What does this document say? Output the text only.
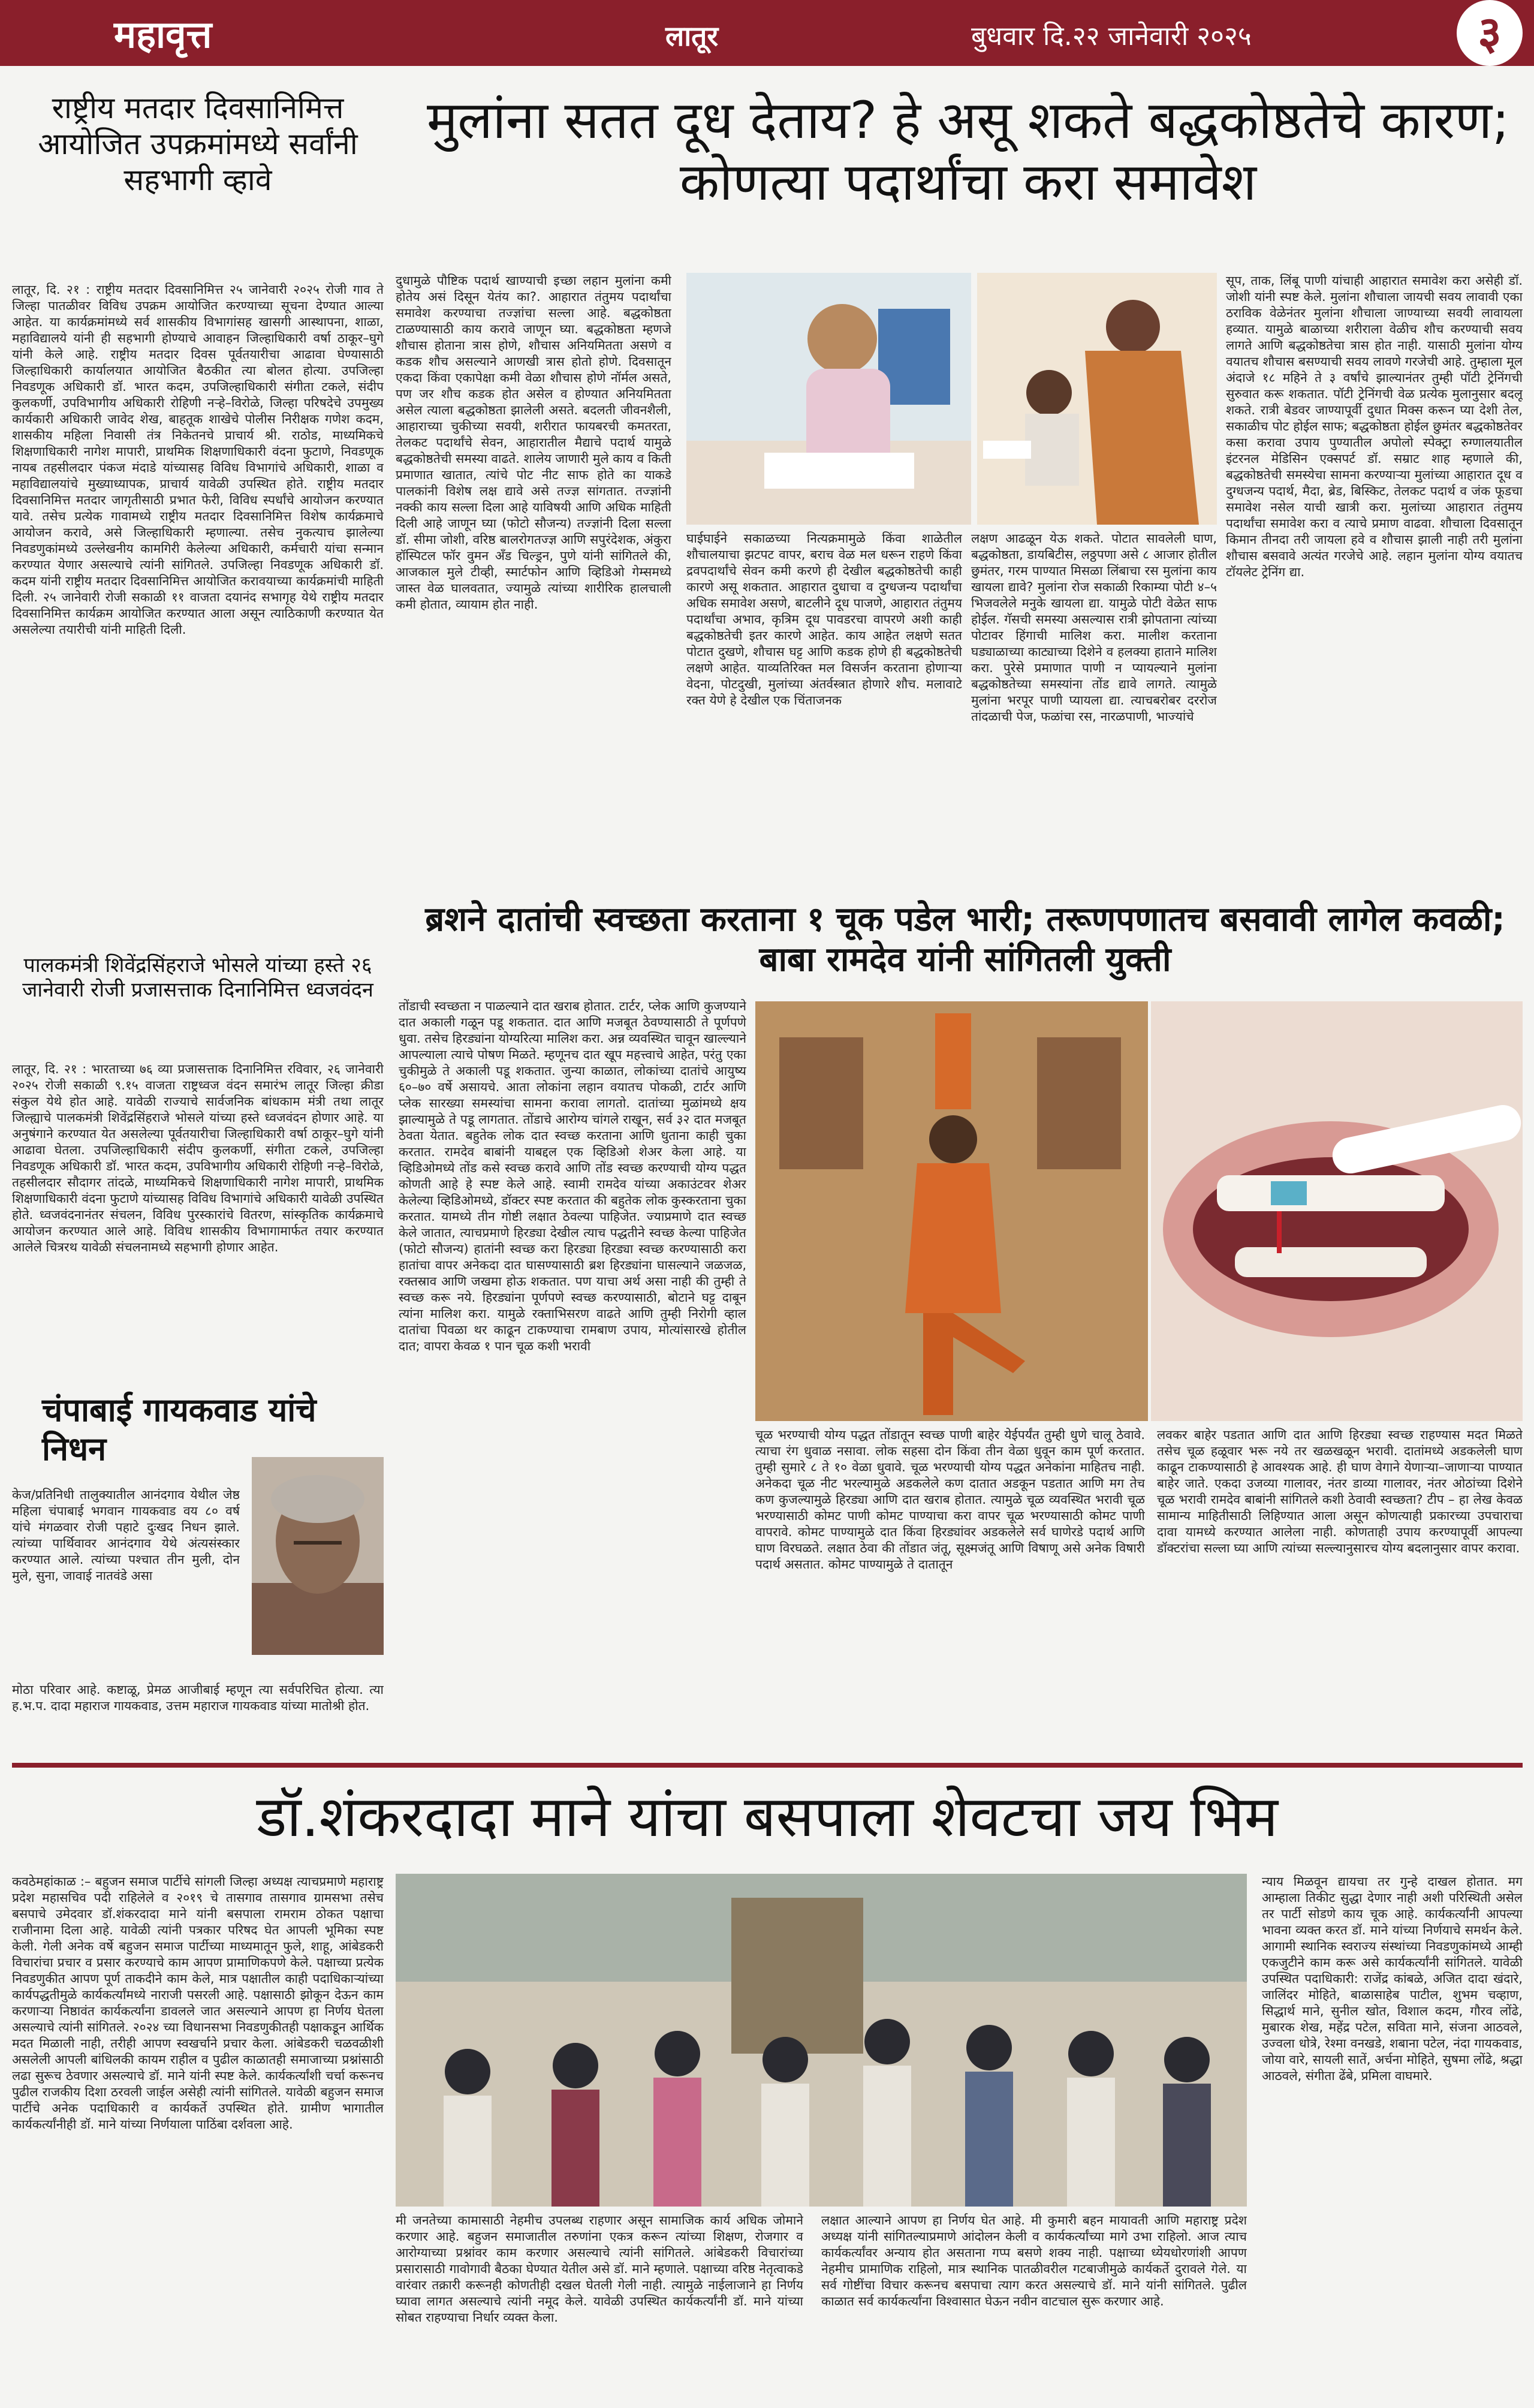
महावृत्त	लातूर	बुधवार दि.२२ जानेवारी २०२५	३
राष्ट्रीय मतदार दिवसानिमित्त आयोजित उपक्रमांमध्ये सर्वांनी सहभागी व्हावे
लातूर, दि. २१ : राष्ट्रीय मतदार दिवसानिमित्त २५ जानेवारी २०२५ रोजी गाव ते जिल्हा पातळीवर विविध उपक्रम आयोजित करण्याच्या सूचना देण्यात आल्या आहेत. या कार्यक्रमांमध्ये सर्व शासकीय विभागांसह खासगी आस्थापना, शाळा, महाविद्यालये यांनी ही सहभागी होण्याचे आवाहन जिल्हाधिकारी वर्षा ठाकूर–घुगे यांनी केले आहे. राष्ट्रीय मतदार दिवस पूर्वतयारीचा आढावा घेण्यासाठी जिल्हाधिकारी कार्यालयात आयोजित बैठकीत त्या बोलत होत्या. उपजिल्हा निवडणूक अधिकारी डॉ. भारत कदम, उपजिल्हाधिकारी संगीता टकले, संदीप कुलकर्णी, उपविभागीय अधिकारी रोहिणी नऱ्हे–विरोळे, जिल्हा परिषदेचे उपमुख्य कार्यकारी अधिकारी जावेद शेख, बाहतूक शाखेचे पोलीस निरीक्षक गणेश कदम, शासकीय महिला निवासी तंत्र निकेतनचे प्राचार्य श्री. राठोड, माध्यमिकचे शिक्षणाधिकारी नागेश मापारी, प्राथमिक शिक्षणाधिकारी वंदना फुटाणे, निवडणूक नायब तहसीलदार पंकज मंदाडे यांच्यासह विविध विभागांचे अधिकारी, शाळा व महाविद्यालयांचे मुख्याध्यापक, प्राचार्य यावेळी उपस्थित होते. राष्ट्रीय मतदार दिवसानिमित्त मतदार जागृतीसाठी प्रभात फेरी, विविध स्पर्धांचे आयोजन करण्यात यावे. तसेच प्रत्येक गावामध्ये राष्ट्रीय मतदार दिवसानिमित्त विशेष कार्यक्रमाचे आयोजन करावे, असे जिल्हाधिकारी म्हणाल्या. तसेच नुकत्याच झालेल्या निवडणुकांमध्ये उल्लेखनीय कामगिरी केलेल्या अधिकारी, कर्मचारी यांचा सन्मान करण्यात येणार असल्याचे त्यांनी सांगितले. उपजिल्हा निवडणूक अधिकारी डॉ. कदम यांनी राष्ट्रीय मतदार दिवसानिमित्त आयोजित करावयाच्या कार्यक्रमांची माहिती दिली. २५ जानेवारी रोजी सकाळी ११ वाजता दयानंद सभागृह येथे राष्ट्रीय मतदार दिवसानिमित्त कार्यक्रम आयोजित करण्यात आला असून त्याठिकाणी करण्यात येत असलेल्या तयारीची यांनी माहिती दिली.
पालकमंत्री शिवेंद्रसिंहराजे भोसले यांच्या हस्ते २६ जानेवारी रोजी प्रजासत्ताक दिनानिमित्त ध्वजवंदन
लातूर, दि. २१ : भारताच्या ७६ व्या प्रजासत्ताक दिनानिमित्त रविवार, २६ जानेवारी २०२५ रोजी सकाळी ९.१५ वाजता राष्ट्रध्वज वंदन समारंभ लातूर जिल्हा क्रीडा संकुल येथे होत आहे. यावेळी राज्याचे सार्वजनिक बांधकाम मंत्री तथा लातूर जिल्ह्याचे पालकमंत्री शिवेंद्रसिंहराजे भोसले यांच्या हस्ते ध्वजवंदन होणार आहे. या अनुषंगाने करण्यात येत असलेल्या पूर्वतयारीचा जिल्हाधिकारी वर्षा ठाकूर–घुगे यांनी आढावा घेतला. उपजिल्हाधिकारी संदीप कुलकर्णी, संगीता टकले, उपजिल्हा निवडणूक अधिकारी डॉ. भारत कदम, उपविभागीय अधिकारी रोहिणी नऱ्हे–विरोळे, तहसीलदार सौदागर तांदळे, माध्यमिकचे शिक्षणाधिकारी नागेश मापारी, प्राथमिक शिक्षणाधिकारी वंदना फुटाणे यांच्यासह विविध विभागांचे अधिकारी यावेळी उपस्थित होते. ध्वजवंदनानंतर संचलन, विविध पुरस्कारांचे वितरण, सांस्कृतिक कार्यक्रमाचे आयोजन करण्यात आले आहे. विविध शासकीय विभागामार्फत तयार करण्यात आलेले चित्ररथ यावेळी संचलनामध्ये सहभागी होणार आहेत.
चंपाबाई गायकवाड यांचे निधन
केज/प्रतिनिधी तालुक्यातील आनंदगाव येथील जेष्ठ महिला चंपाबाई भगवान गायकवाड वय ८० वर्ष यांचे मंगळवार रोजी पहाटे दुःखद निधन झाले. त्यांच्या पार्थिवावर आनंदगाव येथे अंत्यसंस्कार करण्यात आले. त्यांच्या पश्चात तीन मुली, दोन मुले, सुना, जावाई नातवंडे असा
मोठा परिवार आहे. कष्टाळू, प्रेमळ आजीबाई म्हणून त्या सर्वपरिचित होत्या. त्या ह.भ.प. दादा महाराज गायकवाड, उत्तम महाराज गायकवाड यांच्या मातोश्री होत.
मुलांना सतत दूध देताय? हे असू शकते बद्धकोष्ठतेचे कारण; कोणत्या पदार्थांचा करा समावेश
दुधामुळे पौष्टिक पदार्थ खाण्याची इच्छा लहान मुलांना कमी होतेय असं दिसून येतंय का?. आहारात तंतुमय पदार्थांचा समावेश करण्याचा तज्ज्ञांचा सल्ला आहे. बद्धकोष्ठता टाळण्यासाठी काय करावे जाणून घ्या. बद्धकोष्ठता म्हणजे शौचास होताना त्रास होणे, शौचास अनियमितता असणे व कडक शौच असल्याने आणखी त्रास होतो होणे. दिवसातून एकदा किंवा एकापेक्षा कमी वेळा शौचास होणे नॉर्मल असते, पण जर शौच कडक होत असेल व होण्यात अनियमितता असेल त्याला बद्धकोष्ठता झालेली असते. बदलती जीवनशैली, आहाराच्या चुकीच्या सवयी, शरीरात फायबरची कमतरता, तेलकट पदार्थांचे सेवन, आहारातील मैद्याचे पदार्थ यामुळे बद्धकोष्ठतेची समस्या वाढते. शालेय जाणारी मुले काय व किती प्रमाणात खातात, त्यांचे पोट नीट साफ होते का याकडे पालकांनी विशेष लक्ष द्यावे असे तज्ज्ञ सांगतात. तज्ज्ञांनी नक्की काय सल्ला दिला आहे याविषयी आणि अधिक माहिती दिली आहे जाणून घ्या (फोटो सौजन्य) तज्ज्ञांनी दिला सल्ला डॉ. सीमा जोशी, वरिष्ठ बालरोगतज्ज्ञ आणि सपुरंदेशक, अंकुरा हॉस्पिटल फॉर वुमन अँड चिल्ड्रन, पुणे यांनी सांगितले की, आजकाल मुले टीव्ही, स्मार्टफोन आणि व्हिडिओ गेम्समध्ये जास्त वेळ घालवतात, ज्यामुळे त्यांच्या शारीरिक हालचाली कमी होतात, व्यायाम होत नाही.
घाईघाईने सकाळच्या नित्यक्रमामुळे किंवा शाळेतील शौचालयाचा झटपट वापर, बराच वेळ मल धरून राहणे किंवा द्रवपदार्थांचे सेवन कमी करणे ही देखील बद्धकोष्ठतेची काही कारणे असू शकतात. आहारात दुधाचा व दुग्धजन्य पदार्थांचा अधिक समावेश असणे, बाटलीने दूध पाजणे, आहारात तंतुमय पदार्थांचा अभाव, कृत्रिम दूध पावडरचा वापरणे अशी काही बद्धकोष्ठतेची इतर कारणे आहेत. काय आहेत लक्षणे सतत पोटात दुखणे, शौचास घट्ट आणि कडक होणे ही बद्धकोष्ठतेची लक्षणे आहेत. याव्यतिरिक्त मल विसर्जन करताना होणाऱ्या वेदना, पोटदुखी, मुलांच्या अंतर्वस्त्रात होणारे शौच. मलावाटे रक्त येणे हे देखील एक चिंताजनक
लक्षण आढळून येऊ शकते. पोटात सावलेली घाण, बद्धकोष्ठता, डायबिटीस, लठ्ठपणा असे ८ आजार होतील छुमंतर, गरम पाण्यात मिसळा लिंबाचा रस मुलांना काय खायला द्यावे? मुलांना रोज सकाळी रिकाम्या पोटी ४–५ भिजवलेले मनुके खायला द्या. यामुळे पोटी वेळेत साफ होईल. गॅसची समस्या असल्यास रात्री झोपताना त्यांच्या पोटावर हिंगाची मालिश करा. मालीश करताना घड्याळाच्या काट्याच्या दिशेने व हलक्या हाताने मालिश करा. पुरेसे प्रमाणात पाणी न प्यायल्याने मुलांना बद्धकोष्ठतेच्या समस्यांना तोंड द्यावे लागते. त्यामुळे मुलांना भरपूर पाणी प्यायला द्या. त्याचबरोबर दररोज तांदळाची पेज, फळांचा रस, नारळपाणी, भाज्यांचे
सूप, ताक, लिंबू पाणी यांचाही आहारात समावेश करा असेही डॉ. जोशी यांनी स्पष्ट केले. मुलांना शौचाला जायची सवय लावावी एका ठराविक वेळेनंतर मुलांना शौचाला जाण्याच्या सवयी लावायला हव्यात. यामुळे बाळाच्या शरीराला वेळीच शौच करण्याची सवय लागते आणि बद्धकोष्ठतेचा त्रास होत नाही. यासाठी मुलांना योग्य वयातच शौचास बसण्याची सवय लावणे गरजेची आहे. तुम्हाला मूल अंदाजे १८ महिने ते ३ वर्षांचे झाल्यानंतर तुम्ही पॉटी ट्रेनिंगची सुरुवात करू शकतात. पॉटी ट्रेनिंगची वेळ प्रत्येक मुलानुसार बदलू शकते. रात्री बेडवर जाण्यापूर्वी दुधात मिक्स करून प्या देशी तेल, सकाळीच पोट होईल साफ; बद्धकोष्ठता होईल छुमंतर बद्धकोष्ठतेवर कसा करावा उपाय पुण्यातील अपोलो स्पेक्ट्रा रुग्णालयातील इंटरनल मेडिसिन एक्सपर्ट डॉ. सम्राट शाह म्हणाले की, बद्धकोष्ठतेची समस्येचा सामना करण्याऱ्या मुलांच्या आहारात दूध व दुग्धजन्य पदार्थ, मैदा, ब्रेड, बिस्किट, तेलकट पदार्थ व जंक फूडचा समावेश नसेल याची खात्री करा. मुलांच्या आहारात तंतुमय पदार्थांचा समावेश करा व त्याचे प्रमाण वाढवा. शौचाला दिवसातून किमान तीनदा तरी जायला हवे व शौचास झाली नाही तरी मुलांना शौचास बसवावे अत्यंत गरजेचे आहे. लहान मुलांना योग्य वयातच टॉयलेट ट्रेनिंग द्या.
ब्रशने दातांची स्वच्छता करताना १ चूक पडेल भारी; तरूणपणातच बसवावी लागेल कवळी; बाबा रामदेव यांनी सांगितली युक्ती
तोंडाची स्वच्छता न पाळल्याने दात खराब होतात. टार्टर, प्लेक आणि कुजण्याने दात अकाली गळून पडू शकतात. दात आणि मजबूत ठेवण्यासाठी ते पूर्णपणे धुवा. तसेच हिरड्यांना योग्यरित्या मालिश करा. अन्न व्यवस्थित चावून खाल्ल्याने आपल्याला त्याचे पोषण मिळते. म्हणूनच दात खूप महत्त्वाचे आहेत, परंतु एका चुकीमुळे ते अकाली पडू शकतात. जुन्या काळात, लोकांच्या दातांचे आयुष्य ६०–७० वर्षे असायचे. आता लोकांना लहान वयातच पोकळी, टार्टर आणि प्लेक सारख्या समस्यांचा सामना करावा लागतो. दातांच्या मुळांमध्ये क्षय झाल्यामुळे ते पडू लागतात. तोंडाचे आरोग्य चांगले राखून, सर्व ३२ दात मजबूत ठेवता येतात. बहुतेक लोक दात स्वच्छ करताना आणि धुताना काही चुका करतात. रामदेव बाबांनी याबद्दल एक व्हिडिओ शेअर केला आहे. या व्हिडिओमध्ये तोंड कसे स्वच्छ करावे आणि तोंड स्वच्छ करण्याची योग्य पद्धत कोणती आहे हे स्पष्ट केले आहे. स्वामी रामदेव यांच्या अकाउंटवर शेअर केलेल्या व्हिडिओमध्ये, डॉक्टर स्पष्ट करतात की बहुतेक लोक कुस्करताना चुका करतात. यामध्ये तीन गोष्टी लक्षात ठेवल्या पाहिजेत. ज्याप्रमाणे दात स्वच्छ केले जातात, त्याचप्रमाणे हिरड्या देखील त्याच पद्धतीने स्वच्छ केल्या पाहिजेत (फोटो सौजन्य) हातांनी स्वच्छ करा हिरड्या हिरड्या स्वच्छ करण्यासाठी करा हातांचा वापर अनेकदा दात घासण्यासाठी ब्रश हिरड्यांना घासल्याने जळजळ, रक्तस्राव आणि जखमा होऊ शकतात. पण याचा अर्थ असा नाही की तुम्ही ते स्वच्छ करू नये. हिरड्यांना पूर्णपणे स्वच्छ करण्यासाठी, बोटाने घट्ट दाबून त्यांना मालिश करा. यामुळे रक्ताभिसरण वाढते आणि तुम्ही निरोगी व्हाल दातांचा पिवळा थर काढून टाकण्याचा रामबाण उपाय, मोत्यांसारखे होतील दात; वापरा केवळ १ पान चूळ कशी भरावी
चूळ भरण्याची योग्य पद्धत तोंडातून स्वच्छ पाणी बाहेर येईपर्यंत तुम्ही धुणे चालू ठेवावे. त्याचा रंग धुवाळ नसावा. लोक सहसा दोन किंवा तीन वेळा धुवून काम पूर्ण करतात. तुम्ही सुमारे ८ ते १० वेळा धुवावे. चूळ भरण्याची योग्य पद्धत अनेकांना माहितच नाही. अनेकदा चूळ नीट भरल्यामुळे अडकलेले कण दातात अडकून पडतात आणि मग तेच कण कुजल्यामुळे हिरड्या आणि दात खराब होतात. त्यामुळे चूळ व्यवस्थित भरावी चूळ भरण्यासाठी कोमट पाणी कोमट पाण्याचा करा वापर चूळ भरण्यासाठी कोमट पाणी वापरावे. कोमट पाण्यामुळे दात किंवा हिरड्यांवर अडकलेले सर्व घाणेरडे पदार्थ आणि घाण विरघळते. लक्षात ठेवा की तोंडात जंतू, सूक्ष्मजंतू आणि विषाणू असे अनेक विषारी पदार्थ असतात. कोमट पाण्यामुळे ते दातातून
लवकर बाहेर पडतात आणि दात आणि हिरड्या स्वच्छ राहण्यास मदत मिळते तसेच चूळ हळूवार भरू नये तर खळखळून भरावी. दातांमध्ये अडकलेली घाण काढून टाकण्यासाठी हे आवश्यक आहे. ही घाण वेगाने येणाऱ्या–जाणाऱ्या पाण्यात बाहेर जाते. एकदा उजव्या गालावर, नंतर डाव्या गालावर, नंतर ओठांच्या दिशेने चूळ भरावी रामदेव बाबांनी सांगितले कशी ठेवावी स्वच्छता? टीप – हा लेख केवळ सामान्य माहितीसाठी लिहिण्यात आला असून कोणत्याही प्रकारच्या उपचाराचा दावा यामध्ये करण्यात आलेला नाही. कोणताही उपाय करण्यापूर्वी आपल्या डॉक्टरांचा सल्ला घ्या आणि त्यांच्या सल्ल्यानुसारच योग्य बदलानुसार वापर करावा.
डॉ.शंकरदादा माने यांचा बसपाला शेवटचा जय भिम
कवठेमहांकाळ :– बहुजन समाज पार्टीचे सांगली जिल्हा अध्यक्ष त्याचप्रमाणे महाराष्ट्र प्रदेश महासचिव पदी राहिलेले व २०१९ चे तासगाव तासगाव ग्रामसभा तसेच बसपाचे उमेदवार डॉ.शंकरदादा माने यांनी बसपाला रामराम ठोकत पक्षाचा राजीनामा दिला आहे. यावेळी त्यांनी पत्रकार परिषद घेत आपली भूमिका स्पष्ट केली. गेली अनेक वर्षे बहुजन समाज पार्टीच्या माध्यमातून फुले, शाहू, आंबेडकरी विचारांचा प्रचार व प्रसार करण्याचे काम आपण प्रामाणिकपणे केले. पक्षाच्या प्रत्येक निवडणुकीत आपण पूर्ण ताकदीने काम केले, मात्र पक्षातील काही पदाधिकाऱ्यांच्या कार्यपद्धतीमुळे कार्यकर्त्यांमध्ये नाराजी पसरली आहे. पक्षासाठी झोकून देऊन काम करणाऱ्या निष्ठावंत कार्यकर्त्यांना डावलले जात असल्याने आपण हा निर्णय घेतला असल्याचे त्यांनी सांगितले. २०२४ च्या विधानसभा निवडणुकीतही पक्षाकडून आर्थिक मदत मिळाली नाही, तरीही आपण स्वखर्चाने प्रचार केला. आंबेडकरी चळवळीशी असलेली आपली बांधिलकी कायम राहील व पुढील काळातही समाजाच्या प्रश्नांसाठी लढा सुरूच ठेवणार असल्याचे डॉ. माने यांनी स्पष्ट केले. कार्यकर्त्यांशी चर्चा करूनच पुढील राजकीय दिशा ठरवली जाईल असेही त्यांनी सांगितले. यावेळी बहुजन समाज पार्टीचे अनेक पदाधिकारी व कार्यकर्ते उपस्थित होते. ग्रामीण भागातील कार्यकर्त्यांनीही डॉ. माने यांच्या निर्णयाला पाठिंबा दर्शवला आहे.
मी जनतेच्या कामासाठी नेहमीच उपलब्ध राहणार असून सामाजिक कार्य अधिक जोमाने करणार आहे. बहुजन समाजातील तरुणांना एकत्र करून त्यांच्या शिक्षण, रोजगार व आरोग्याच्या प्रश्नांवर काम करणार असल्याचे त्यांनी सांगितले. आंबेडकरी विचारांच्या प्रसारासाठी गावोगावी बैठका घेण्यात येतील असे डॉ. माने म्हणाले. पक्षाच्या वरिष्ठ नेतृत्वाकडे वारंवार तक्रारी करूनही कोणतीही दखल घेतली गेली नाही. त्यामुळे नाईलाजाने हा निर्णय घ्यावा लागत असल्याचे त्यांनी नमूद केले. यावेळी उपस्थित कार्यकर्त्यांनी डॉ. माने यांच्या सोबत राहण्याचा निर्धार व्यक्त केला.
लक्षात आल्याने आपण हा निर्णय घेत आहे. मी कुमारी बहन मायावती आणि महाराष्ट्र प्रदेश अध्यक्ष यांनी सांगितल्याप्रमाणे आंदोलन केली व कार्यकर्त्यांच्या मागे उभा राहिलो. आज त्याच कार्यकर्त्यांवर अन्याय होत असताना गप्प बसणे शक्य नाही. पक्षाच्या ध्येयधोरणांशी आपण नेहमीच प्रामाणिक राहिलो, मात्र स्थानिक पातळीवरील गटबाजीमुळे कार्यकर्ते दुरावले गेले. या सर्व गोष्टींचा विचार करूनच बसपाचा त्याग करत असल्याचे डॉ. माने यांनी सांगितले. पुढील काळात सर्व कार्यकर्त्यांना विश्वासात घेऊन नवीन वाटचाल सुरू करणार आहे.
न्याय मिळवून द्यायचा तर गुन्हे दाखल होतात. मग आम्हाला तिकीट सुद्धा देणार नाही अशी परिस्थिती असेल तर पार्टी सोडणे काय चूक आहे. कार्यकर्त्यांनी आपल्या भावना व्यक्त करत डॉ. माने यांच्या निर्णयाचे समर्थन केले. आगामी स्थानिक स्वराज्य संस्थांच्या निवडणुकांमध्ये आम्ही एकजुटीने काम करू असे कार्यकर्त्यांनी सांगितले. यावेळी उपस्थित पदाधिकारी: राजेंद्र कांबळे, अजित दादा खंदारे, जालिंदर मोहिते, बाळासाहेब पाटील, शुभम चव्हाण, सिद्धार्थ माने, सुनील खोत, विशाल कदम, गौरव लोंढे, मुबारक शेख, महेंद्र पटेल, सविता माने, संजना आठवले, उज्वला धोत्रे, रेश्मा वनखडे, शबाना पटेल, नंदा गायकवाड, जोया वारे, सायली सातें, अर्चना मोहिते, सुषमा लोंढे, श्रद्धा आठवले, संगीता ढेंबे, प्रमिला वाघमारे.
